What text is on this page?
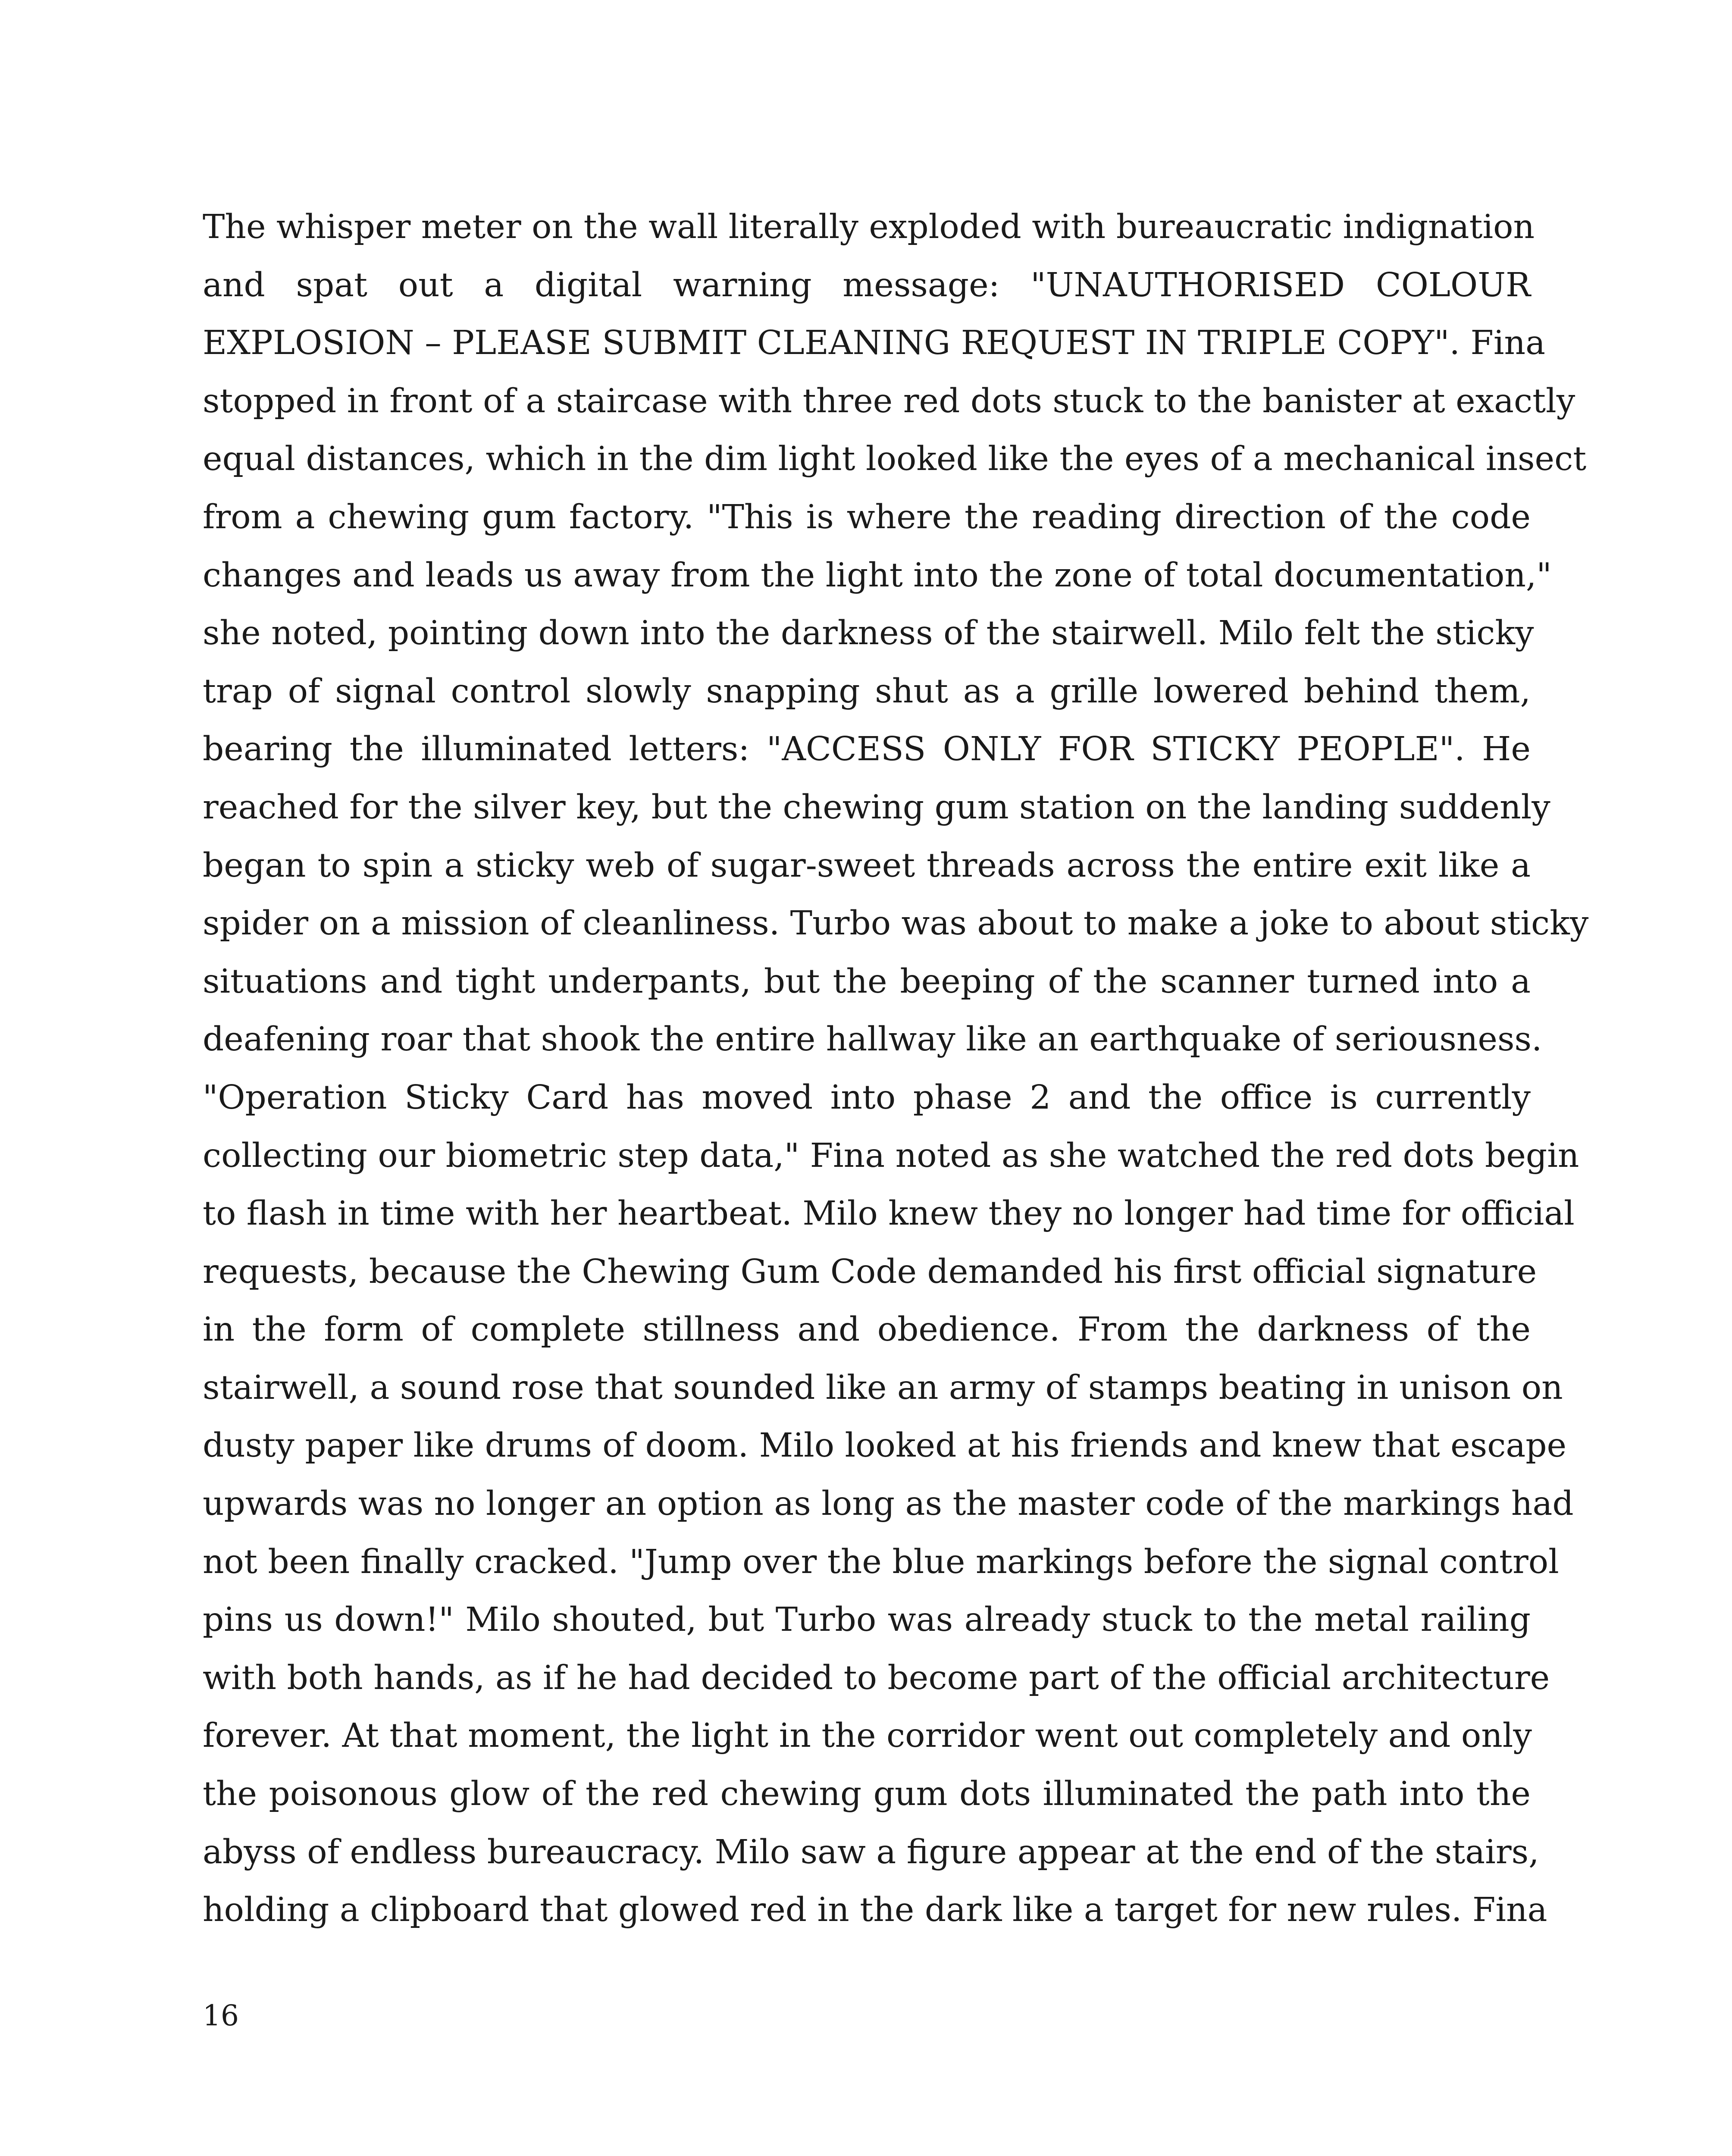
The whisper meter on the wall literally exploded with bureaucratic indignation
and spat out a digital warning message: "UNAUTHORISED COLOUR
EXPLOSION – PLEASE SUBMIT CLEANING REQUEST IN TRIPLE COPY". Fina
stopped in front of a staircase with three red dots stuck to the banister at exactly
equal distances, which in the dim light looked like the eyes of a mechanical insect
from a chewing gum factory. "This is where the reading direction of the code
changes and leads us away from the light into the zone of total documentation,"
she noted, pointing down into the darkness of the stairwell. Milo felt the sticky
trap of signal control slowly snapping shut as a grille lowered behind them,
bearing the illuminated letters: "ACCESS ONLY FOR STICKY PEOPLE". He
reached for the silver key, but the chewing gum station on the landing suddenly
began to spin a sticky web of sugar-sweet threads across the entire exit like a
spider on a mission of cleanliness. Turbo was about to make a joke to about sticky
situations and tight underpants, but the beeping of the scanner turned into a
deafening roar that shook the entire hallway like an earthquake of seriousness.
"Operation Sticky Card has moved into phase 2 and the office is currently
collecting our biometric step data," Fina noted as she watched the red dots begin
to flash in time with her heartbeat. Milo knew they no longer had time for official
requests, because the Chewing Gum Code demanded his first official signature
in the form of complete stillness and obedience. From the darkness of the
stairwell, a sound rose that sounded like an army of stamps beating in unison on
dusty paper like drums of doom. Milo looked at his friends and knew that escape
upwards was no longer an option as long as the master code of the markings had
not been finally cracked. "Jump over the blue markings before the signal control
pins us down!" Milo shouted, but Turbo was already stuck to the metal railing
with both hands, as if he had decided to become part of the official architecture
forever. At that moment, the light in the corridor went out completely and only
the poisonous glow of the red chewing gum dots illuminated the path into the
abyss of endless bureaucracy. Milo saw a figure appear at the end of the stairs,
holding a clipboard that glowed red in the dark like a target for new rules. Fina

16
